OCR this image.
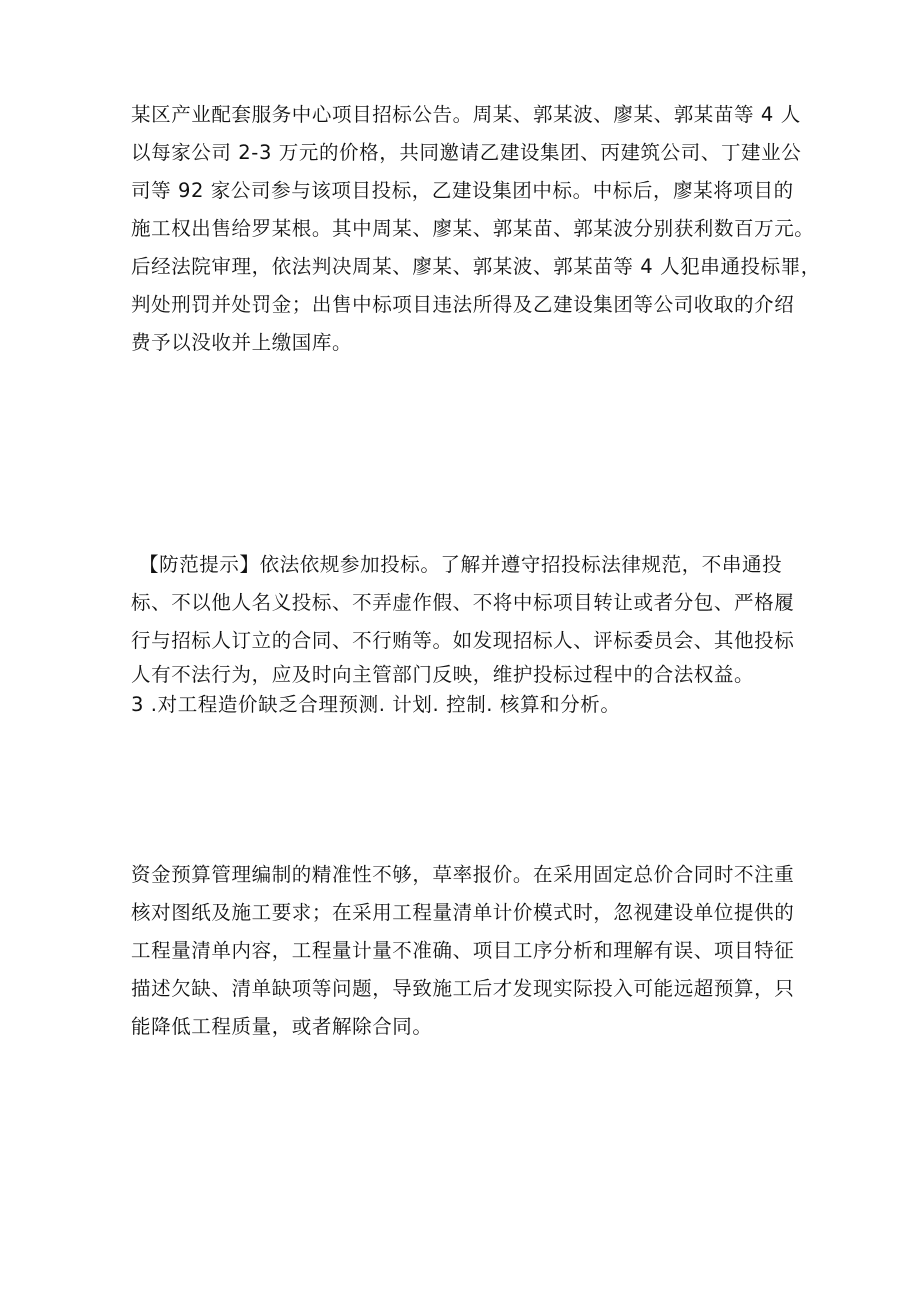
某区产业配套服务中心项目招标公告。周某、郭某波、廖某、郭某苗等 4 人
以每家公司 2-3 万元的价格，共同邀请乙建设集团、丙建筑公司、丁建业公
司等 92 家公司参与该项目投标，乙建设集团中标。中标后，廖某将项目的
施工权出售给罗某根。其中周某、廖某、郭某苗、郭某波分别获利数百万元。
后经法院审理，依法判决周某、廖某、郭某波、郭某苗等 4 人犯串通投标罪，
判处刑罚并处罚金；出售中标项目违法所得及乙建设集团等公司收取的介绍
费予以没收并上缴国库。
【防范提示】依法依规参加投标。了解并遵守招投标法律规范，不串通投
标、不以他人名义投标、不弄虚作假、不将中标项目转让或者分包、严格履
行与招标人订立的合同、不行贿等。如发现招标人、评标委员会、其他投标
人有不法行为，应及时向主管部门反映，维护投标过程中的合法权益。
3 .对工程造价缺乏合理预测. 计划. 控制. 核算和分析。
资金预算管理编制的精准性不够，草率报价。在采用固定总价合同时不注重
核对图纸及施工要求；在采用工程量清单计价模式时，忽视建设单位提供的
工程量清单内容，工程量计量不准确、项目工序分析和理解有误、项目特征
描述欠缺、清单缺项等问题，导致施工后才发现实际投入可能远超预算，只
能降低工程质量，或者解除合同。
